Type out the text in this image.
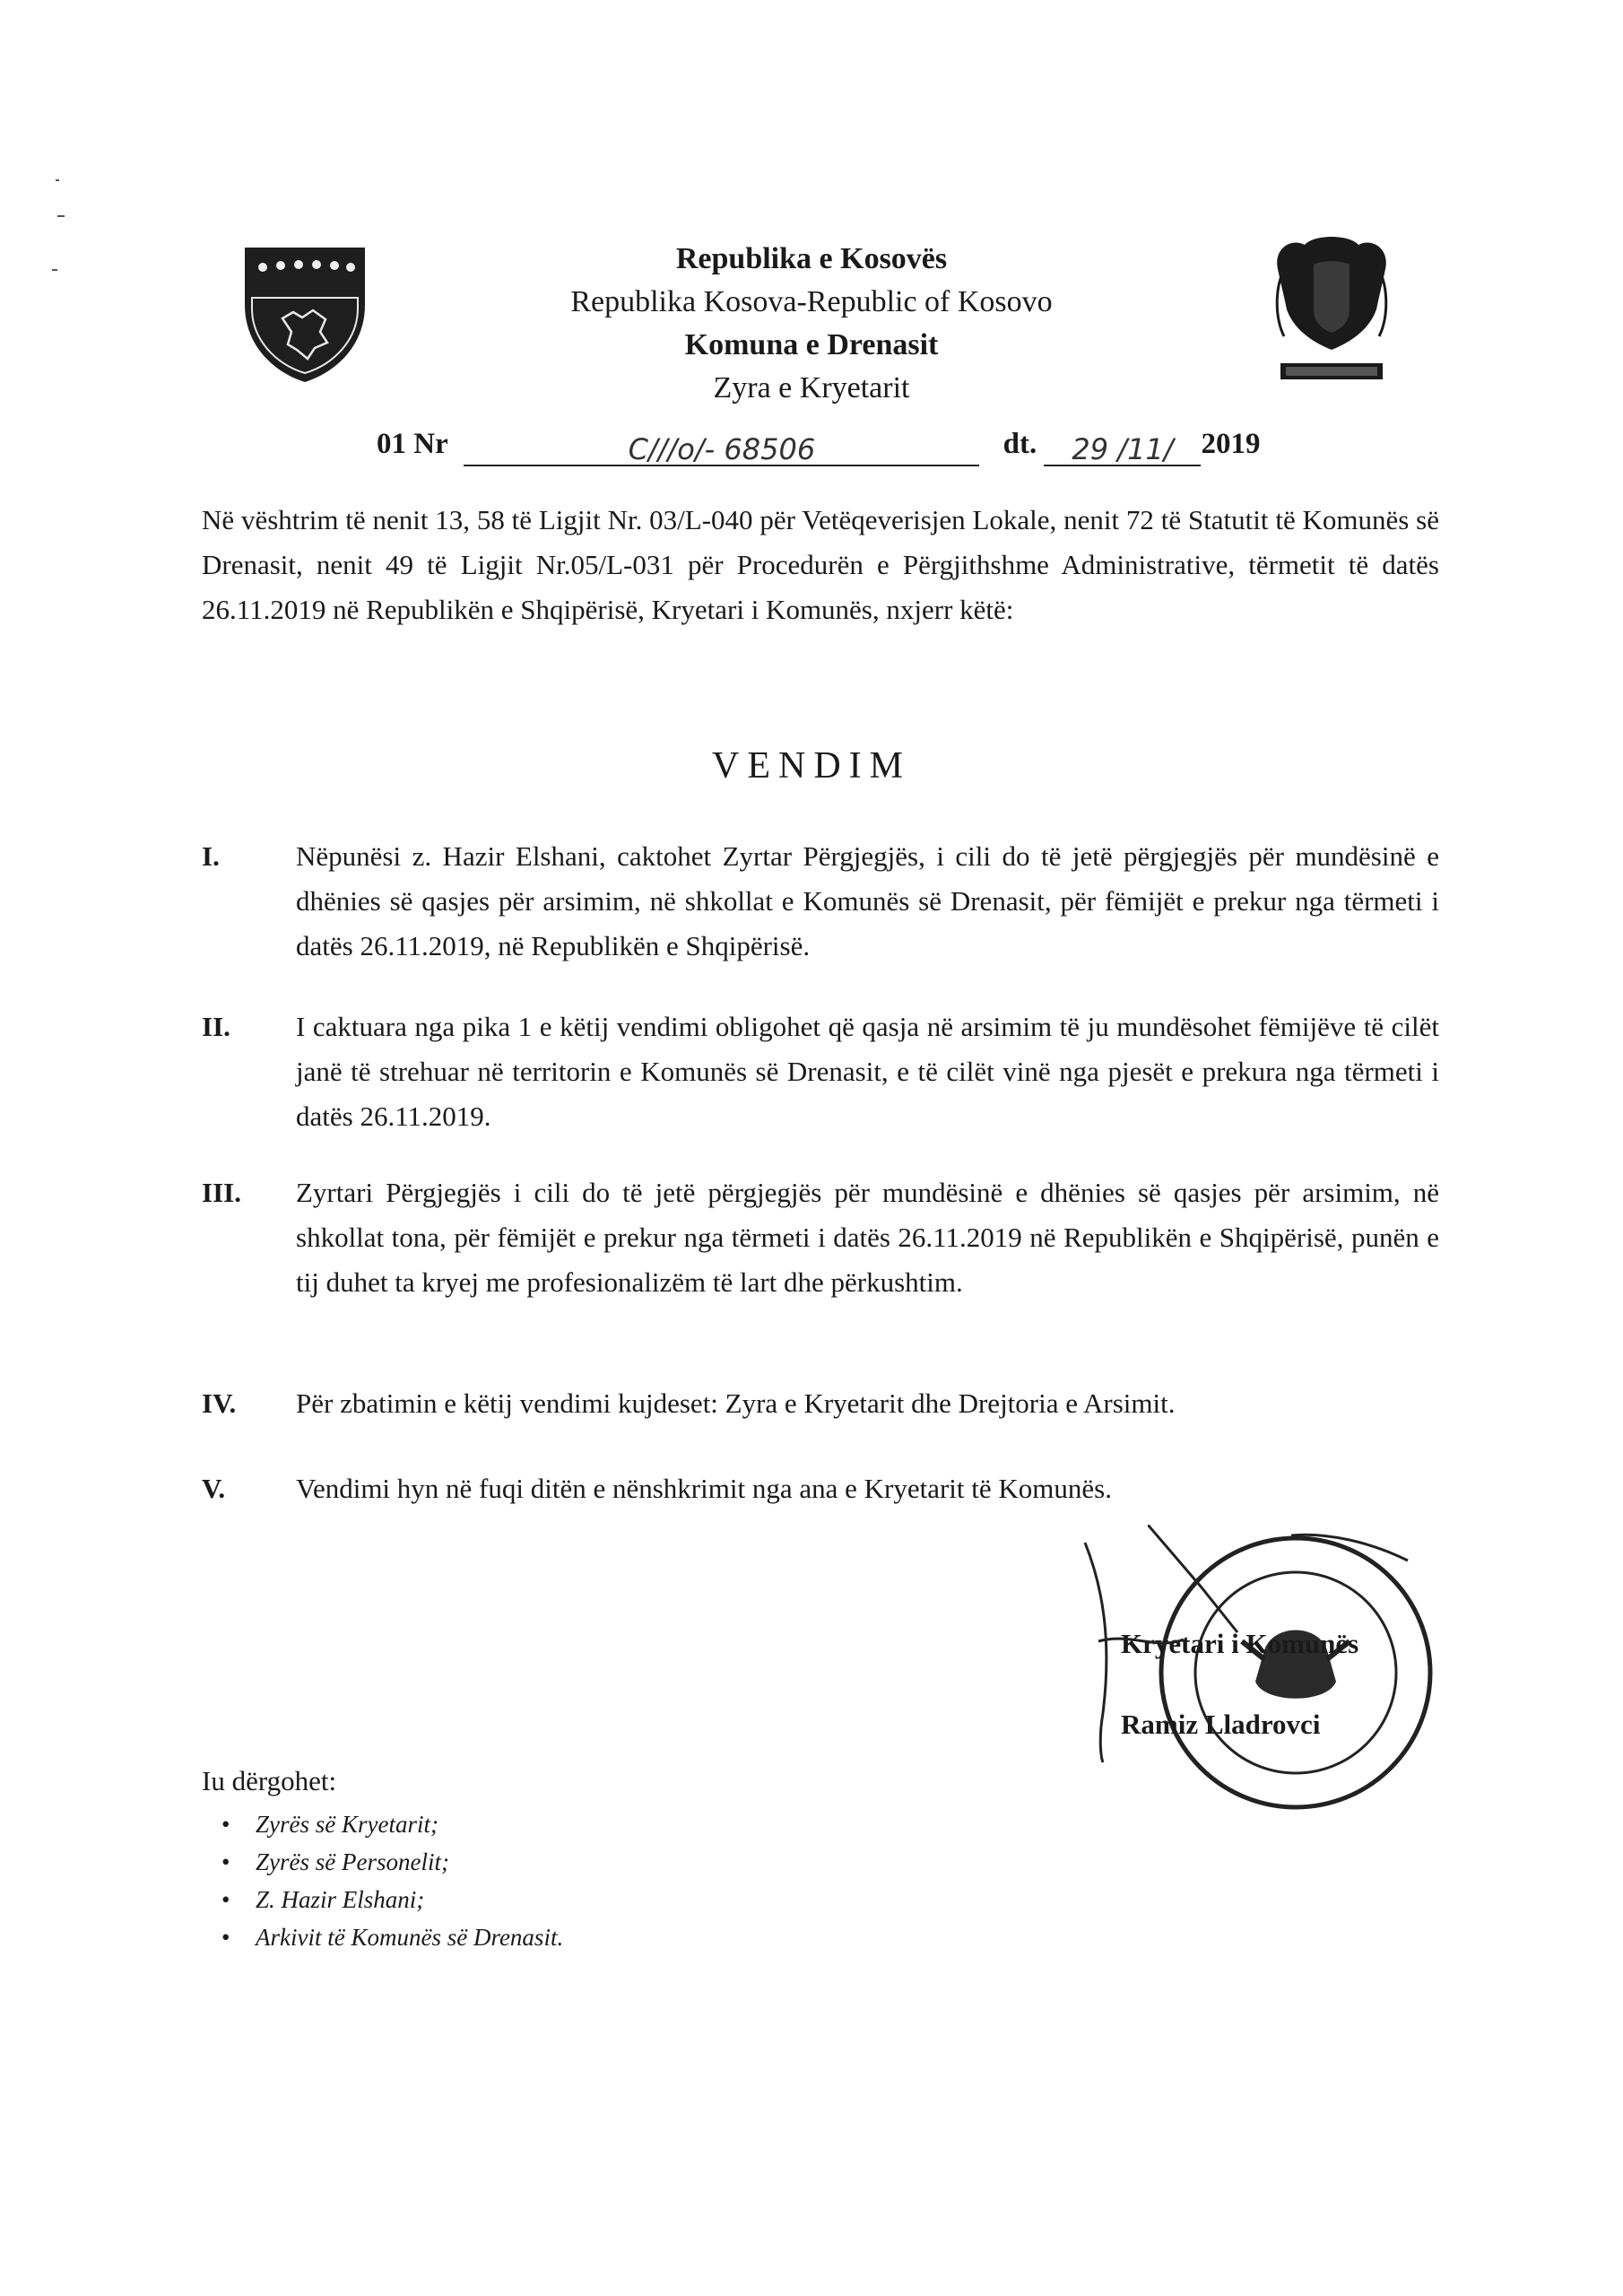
Republika e Kosovës
Republika Kosova-Republic of Kosovo
Komuna e Drenasit
Zyra e Kryetarit
01 Nr	C///o/- 68506	dt. 29 /11/ 2019
Në vështrim të nenit 13, 58 të Ligjit Nr. 03/L-040 për Vetëqeverisjen Lokale, nenit 72 të Statutit të Komunës së Drenasit, nenit 49 të Ligjit Nr.05/L-031 për Procedurën e Përgjithshme Administrative, tërmetit të datës 26.11.2019 në Republikën e Shqipërisë, Kryetari i Komunës, nxjerr këtë:
VENDIM
I.	Nëpunësi z. Hazir Elshani, caktohet Zyrtar Përgjegjës, i cili do të jetë përgjegjës për mundësinë e dhënies së qasjes për arsimim, në shkollat e Komunës së Drenasit, për fëmijët e prekur nga tërmeti i datës 26.11.2019, në Republikën e Shqipërisë.
II. I caktuara nga pika 1 e këtij vendimi obligohet që qasja në arsimim të ju mundësohet fëmijëve të cilët janë të strehuar në territorin e Komunës së Drenasit, e të cilët vinë nga pjesët e prekura nga tërmeti i datës 26.11.2019.
III. Zyrtari Përgjegjës i cili do të jetë përgjegjës për mundësinë e dhënies së qasjes për arsimim, në shkollat tona, për fëmijët e prekur nga tërmeti i datës 26.11.2019 në Republikën e Shqipërisë, punën e tij duhet ta kryej me profesionalizëm të lart dhe përkushtim.
IV. Për zbatimin e këtij vendimi kujdeset: Zyra e Kryetarit dhe Drejtoria e Arsimit.
V.	Vendimi hyn në fuqi ditën e nënshkrimit nga ana e Kryetarit të Komunës.
Kryetari i Komunës
Ramiz Lladrovci
Iu dërgohet:
• Zyrës së Kryetarit;
• Zyrës së Personelit;
• Z. Hazir Elshani;
• Arkivit të Komunës së Drenasit.
